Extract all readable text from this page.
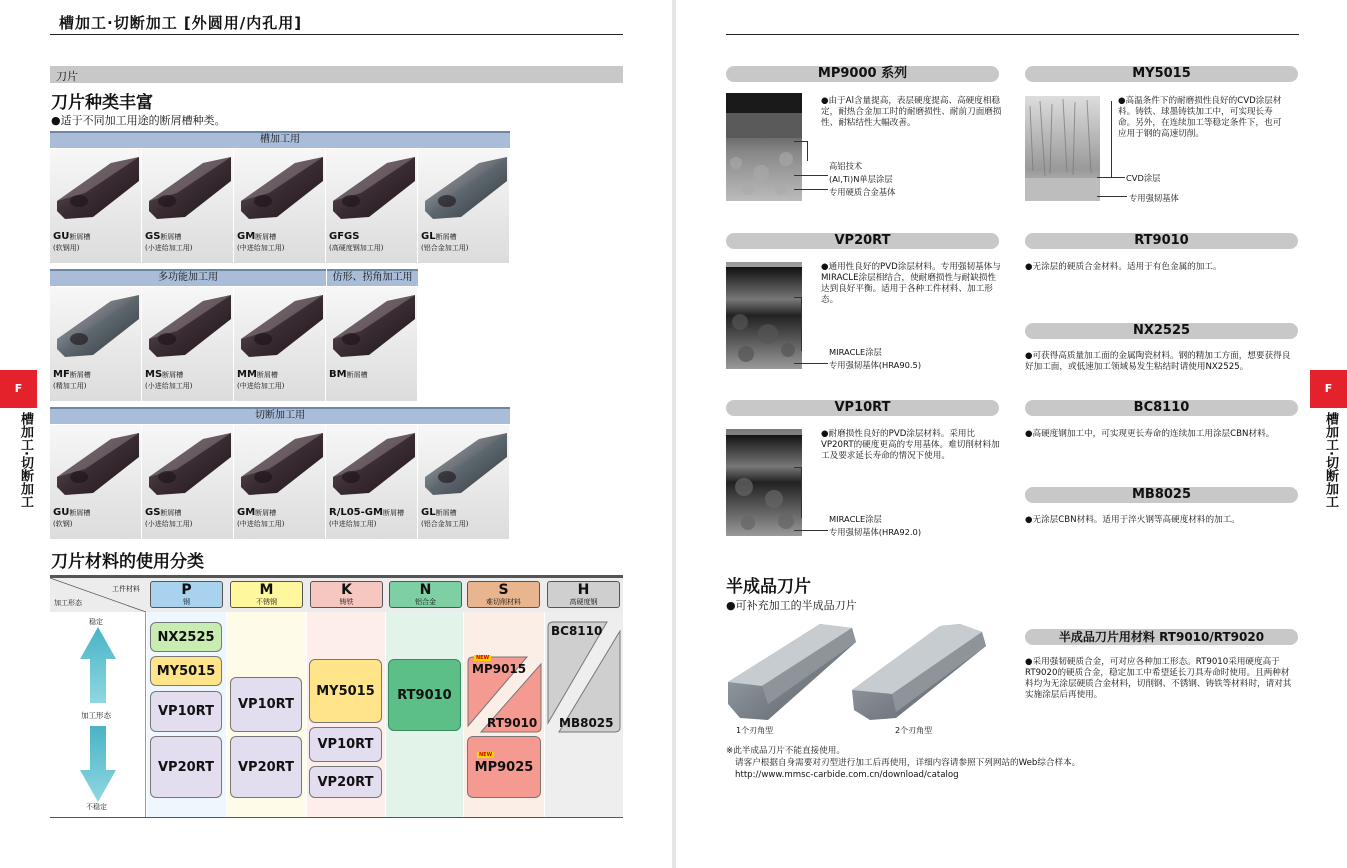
槽加工·切断加工 [外圆用/内孔用]
刀片
刀片种类丰富
●适于不同加工用途的断屑槽种类。
槽加工用
GU断屑槽
(软钢用)
GS断屑槽
(小进给加工用)
GM断屑槽
(中进给加工用)
GFGS
(高硬度钢加工用)
GL断屑槽
(铝合金加工用)
多功能加工用	仿形、拐角加工用
MF断屑槽
(精加工用)
MS断屑槽
(小进给加工用)
MM断屑槽
(中进给加工用)
BM断屑槽
切断加工用
GU断屑槽
(软钢)
GS断屑槽
(小进给加工用)
GM断屑槽
(中进给加工用)
R/L05-GM断屑槽
(中进给加工用)
GL断屑槽
(铝合金加工用)
刀片材料的使用分类
工件材料
加工形态
P
钢
M
不锈钢
K
铸铁
N
铝合金
S
难切削材料
H
高硬度钢
稳定
加工形态
不稳定
NX2525
MY5015
VP10RT
VP20RT
VP10RT
VP20RT
MY5015
VP10RT
VP20RT
RT9010
NEW
MP9015
RT9010
MP9025
NEW
BC8110
MB8025
F
槽加工·切断加工
MP9000 系列
●由于Al含量提高，表层硬度提高、高硬度相稳定，耐热合金加工时的耐磨损性、耐前刀面磨损性、耐粘结性大幅改善。
高铝技术
(Al,Ti)N单层涂层
专用硬质合金基体
MY5015
●高温条件下的耐磨损性良好的CVD涂层材料。铸铁、球墨铸铁加工中，可实现长寿命。另外，在连续加工等稳定条件下，也可应用于钢的高速切削。
CVD涂层
专用强韧基体
VP20RT
●通用性良好的PVD涂层材料。专用强韧基体与MIRACLE涂层相结合，使耐磨损性与耐缺损性达到良好平衡。适用于各种工件材料、加工形态。
MIRACLE涂层
专用强韧基体(HRA90.5)
RT9010
●无涂层的硬质合金材料。适用于有色金属的加工。
NX2525
●可获得高质量加工面的金属陶瓷材料。钢的精加工方面，想要获得良好加工面，或低速加工领域易发生粘结时请使用NX2525。
VP10RT
●耐磨损性良好的PVD涂层材料。采用比VP20RT的硬度更高的专用基体。难切削材料加工及要求延长寿命的情况下使用。
MIRACLE涂层
专用强韧基体(HRA92.0)
BC8110
●高硬度钢加工中，可实现更长寿命的连续加工用涂层CBN材料。
MB8025
●无涂层CBN材料。适用于淬火钢等高硬度材料的加工。
半成品刀片
●可补充加工的半成品刀片
1个刃角型	2个刃角型
半成品刀片用材料 RT9010/RT9020
●采用强韧硬质合金，可对应各种加工形态。RT9010采用硬度高于RT9020的硬质合金，稳定加工中希望延长刀具寿命时使用。且两种材料均为无涂层硬质合金材料，切削钢、不锈钢、铸铁等材料时，请对其实施涂层后再使用。
※此半成品刀片不能直接使用。
请客户根据自身需要对刃型进行加工后再使用，详细内容请参照下列网站的Web综合样本。
http://www.mmsc-carbide.com.cn/download/catalog
F
槽加工·切断加工
